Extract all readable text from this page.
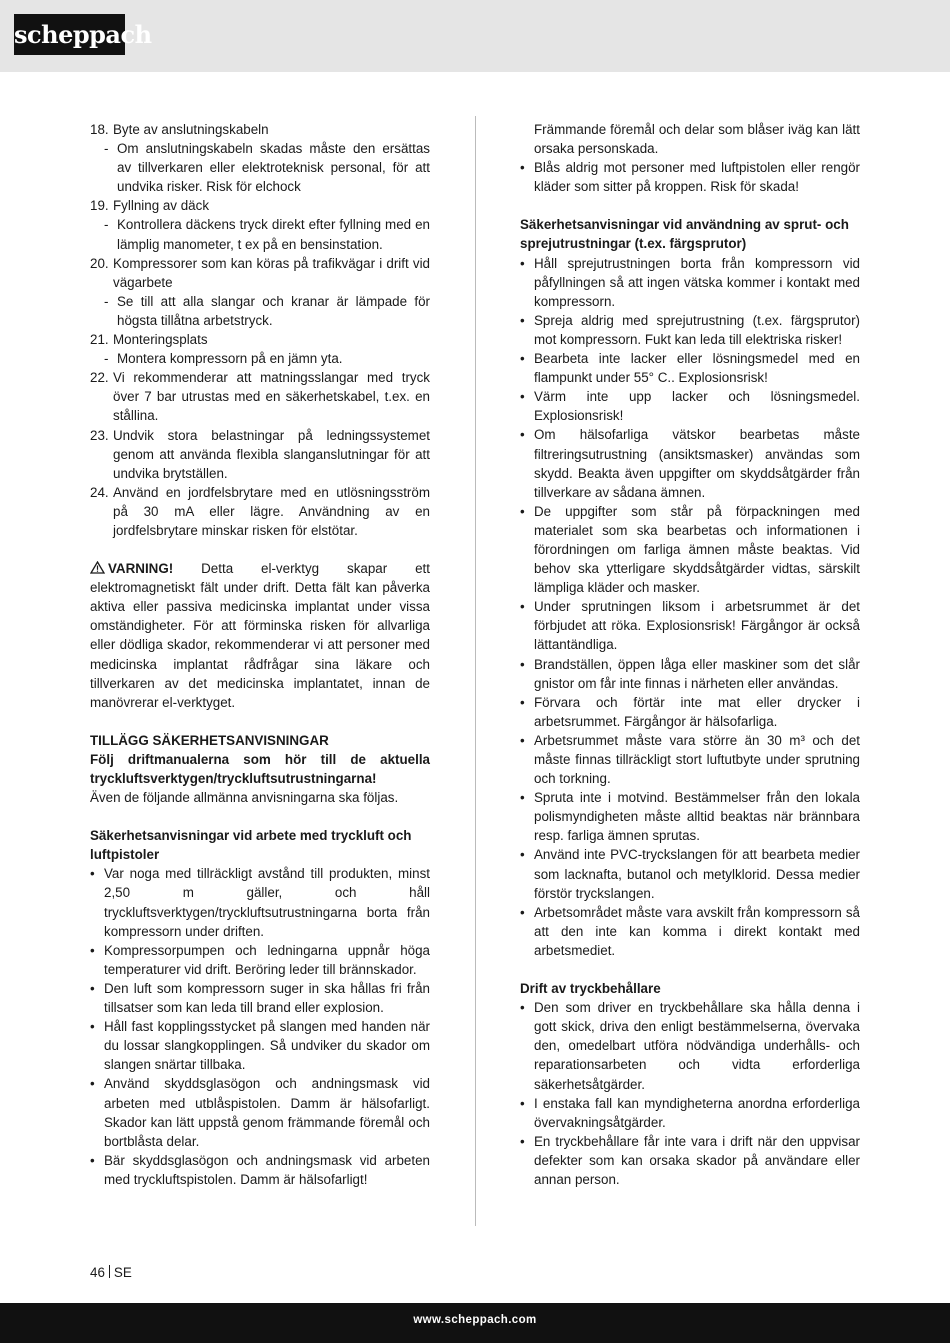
scheppach
18. Byte av anslutningskabeln
- Om anslutningskabeln skadas måste den ersättas av tillverkaren eller elektroteknisk personal, för att undvika risker. Risk för elchock
19. Fyllning av däck
- Kontrollera däckens tryck direkt efter fyllning med en lämplig manometer, t ex på en bensinstation.
20. Kompressorer som kan köras på trafikvägar i drift vid vägarbete
- Se till att alla slangar och kranar är lämpade för högsta tillåtna arbetstryck.
21. Monteringsplats
- Montera kompressorn på en jämn yta.
22. Vi rekommenderar att matningsslangar med tryck över 7 bar utrustas med en säkerhetskabel, t.ex. en stållina.
23. Undvik stora belastningar på ledningssystemet genom att använda flexibla slanganslutningar för att undvika brytställen.
24. Använd en jordfelsbrytare med en utlösningsström på 30 mA eller lägre. Användning av en jordfelsbrytare minskar risken för elstötar.
VARNING! Detta el-verktyg skapar ett elektromagnetiskt fält under drift. Detta fält kan påverka aktiva eller passiva medicinska implantat under vissa omständigheter. För att förminska risken för allvarliga eller dödliga skador, rekommenderar vi att personer med medicinska implantat rådfrågar sina läkare och tillverkaren av det medicinska implantatet, innan de manövrerar el-verktyget.
TILLÄGG SÄKERHETSANVISNINGAR
Följ driftmanualerna som hör till de aktuella tryckluftsverktygen/tryckluftsutrustningarna!
Även de följande allmänna anvisningarna ska följas.
Säkerhetsanvisningar vid arbete med tryckluft och luftpistoler
• Var noga med tillräckligt avstånd till produkten, minst 2,50 m gäller, och håll tryckluftsverktygen/tryckluftsutrustningarna borta från kompressorn under driften.
• Kompressorpumpen och ledningarna uppnår höga temperaturer vid drift. Beröring leder till brännskador.
• Den luft som kompressorn suger in ska hållas fri från tillsatser som kan leda till brand eller explosion.
• Håll fast kopplingsstycket på slangen med handen när du lossar slangkopplingen. Så undviker du skador om slangen snärtar tillbaka.
• Använd skyddsglasögon och andningsmask vid arbeten med utblåspistolen. Damm är hälsofarligt. Skador kan lätt uppstå genom främmande föremål och bortblåsta delar.
• Bär skyddsglasögon och andningsmask vid arbeten med tryckluftspistolen. Damm är hälsofarligt!
Främmande föremål och delar som blåser iväg kan lätt orsaka personskada.
• Blås aldrig mot personer med luftpistolen eller rengör kläder som sitter på kroppen. Risk för skada!
Säkerhetsanvisningar vid användning av sprut- och sprejutrustningar (t.ex. färgsprutor)
• Håll sprejutrustningen borta från kompressorn vid påfyllningen så att ingen vätska kommer i kontakt med kompressorn.
• Spreja aldrig med sprejutrustning (t.ex. färgsprutor) mot kompressorn. Fukt kan leda till elektriska risker!
• Bearbeta inte lacker eller lösningsmedel med en flampunkt under 55° C.. Explosionsrisk!
• Värm inte upp lacker och lösningsmedel. Explosionsrisk!
• Om hälsofarliga vätskor bearbetas måste filtreringsutrustning (ansiktsmasker) användas som skydd. Beakta även uppgifter om skyddsåtgärder från tillverkare av sådana ämnen.
• De uppgifter som står på förpackningen med materialet som ska bearbetas och informationen i förordningen om farliga ämnen måste beaktas. Vid behov ska ytterligare skyddsåtgärder vidtas, särskilt lämpliga kläder och masker.
• Under sprutningen liksom i arbetsrummet är det förbjudet att röka. Explosionsrisk! Färgångor är också lättantändliga.
• Brandställen, öppen låga eller maskiner som det slår gnistor om får inte finnas i närheten eller användas.
• Förvara och förtär inte mat eller drycker i arbetsrummet. Färgångor är hälsofarliga.
• Arbetsrummet måste vara större än 30 m³ och det måste finnas tillräckligt stort luftutbyte under sprutning och torkning.
• Spruta inte i motvind. Bestämmelser från den lokala polismyndigheten måste alltid beaktas när brännbara resp. farliga ämnen sprutas.
• Använd inte PVC-tryckslangen för att bearbeta medier som lacknafta, butanol och metylklorid. Dessa medier förstör tryckslangen.
• Arbetsområdet måste vara avskilt från kompressorn så att den inte kan komma i direkt kontakt med arbetsmediet.
Drift av tryckbehållare
• Den som driver en tryckbehållare ska hålla denna i gott skick, driva den enligt bestämmelserna, övervaka den, omedelbart utföra nödvändiga underhålls- och reparationsarbeten och vidta erforderliga säkerhetsåtgärder.
• I enstaka fall kan myndigheterna anordna erforderliga övervakningsåtgärder.
• En tryckbehållare får inte vara i drift när den uppvisar defekter som kan orsaka skador på användare eller annan person.
46 SE
www.scheppach.com
